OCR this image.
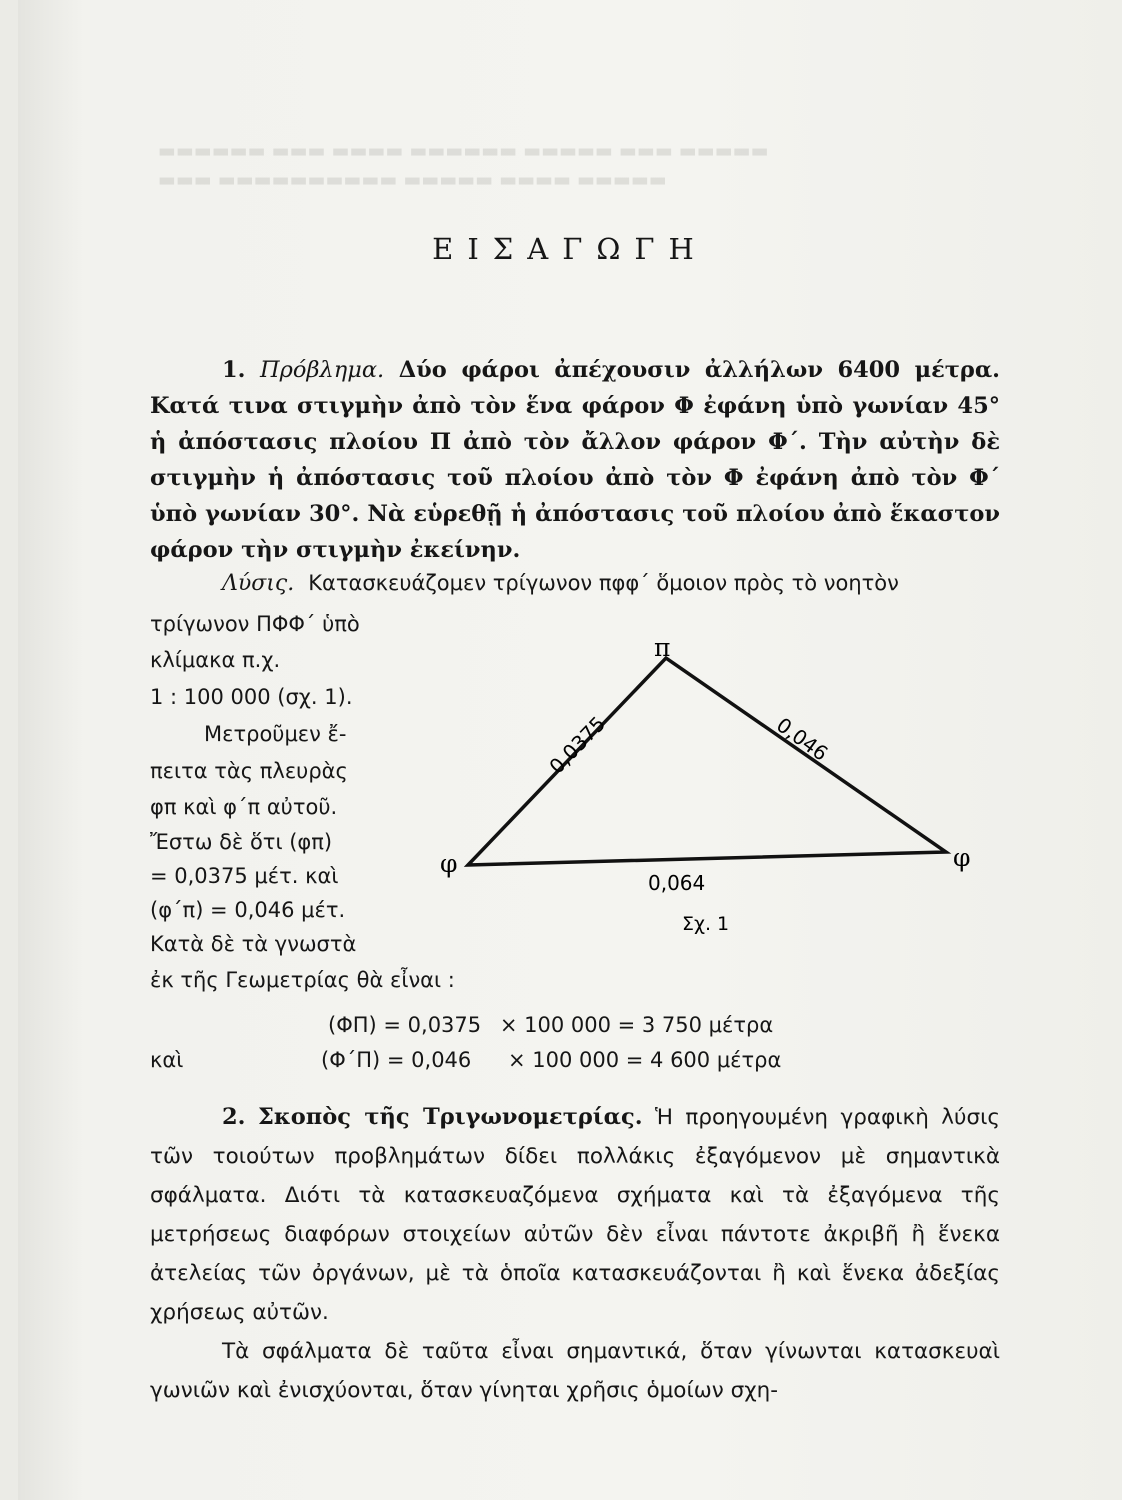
▬▬▬▬▬▬ ▬▬▬ ▬▬▬▬ ▬▬▬▬▬▬ ▬▬▬▬▬ ▬▬▬ ▬▬▬▬▬
▬▬▬ ▬▬▬▬▬▬▬▬▬▬ ▬▬▬▬▬ ▬▬▬▬ ▬▬▬▬▬
ΕΙΣΑΓΩΓΗ
1. Πρόβλημα. Δύο φάροι ἀπέχουσιν ἀλλήλων 6400 μέτρα. Κατά τινα στιγμὴν ἀπὸ τὸν ἕνα φάρον Φ ἐφάνη ὑπὸ γωνίαν 45° ἡ ἀπόστασις πλοίου Π ἀπὸ τὸν ἄλλον φάρον Φ΄. Τὴν αὐτὴν δὲ στιγμὴν ἡ ἀπόστασις τοῦ πλοίου ἀπὸ τὸν Φ ἐφάνη ἀπὸ τὸν Φ΄ ὑπὸ γωνίαν 30°. Νὰ εὑρεθῇ ἡ ἀπόστασις τοῦ πλοίου ἀπὸ ἕκαστον φάρον τὴν στιγμὴν ἐκείνην.
Λύσις. Κατασκευάζομεν τρίγωνον πφφ΄ ὅμοιον πρὸς τὸ νοητὸν
τρίγωνον ΠΦΦ΄ ὑπὸ
κλίμακα π.χ.
1 : 100 000 (σχ. 1).
Μετροῦμεν ἔ-
πειτα τὰς πλευρὰς
φπ καὶ φ΄π αὐτοῦ.
Ἔστω δὲ ὅτι (φπ)
= 0,0375 μέτ. καὶ
(φ΄π) = 0,046 μέτ.
Κατὰ δὲ τὰ γνωστὰ
ἐκ τῆς Γεωμετρίας θὰ εἶναι :
π
φ	φ
0,0375	0,046
0,064
Σχ. 1
(ΦΠ) = 0,0375 × 100 000 = 3 750 μέτρα
καὶ	(Φ΄Π) = 0,046 × 100 000 = 4 600 μέτρα
2. Σκοπὸς τῆς Τριγωνομετρίας. Ἡ προηγουμένη γραφικὴ λύσις τῶν τοιούτων προβλημάτων δίδει πολλάκις ἐξαγόμενον μὲ σημαντικὰ σφάλματα. Διότι τὰ κατασκευαζόμενα σχήματα καὶ τὰ ἐξαγόμενα τῆς μετρήσεως διαφόρων στοιχείων αὐτῶν δὲν εἶναι πάντοτε ἀκριβῆ ἢ ἕνεκα ἀτελείας τῶν ὀργάνων, μὲ τὰ ὁποῖα κατασκευάζονται ἢ καὶ ἕνεκα ἀδεξίας χρήσεως αὐτῶν.
Τὰ σφάλματα δὲ ταῦτα εἶναι σημαντικά, ὅταν γίνωνται κατασκευαὶ γωνιῶν καὶ ἐνισχύονται, ὅταν γίνηται χρῆσις ὁμοίων σχη-
